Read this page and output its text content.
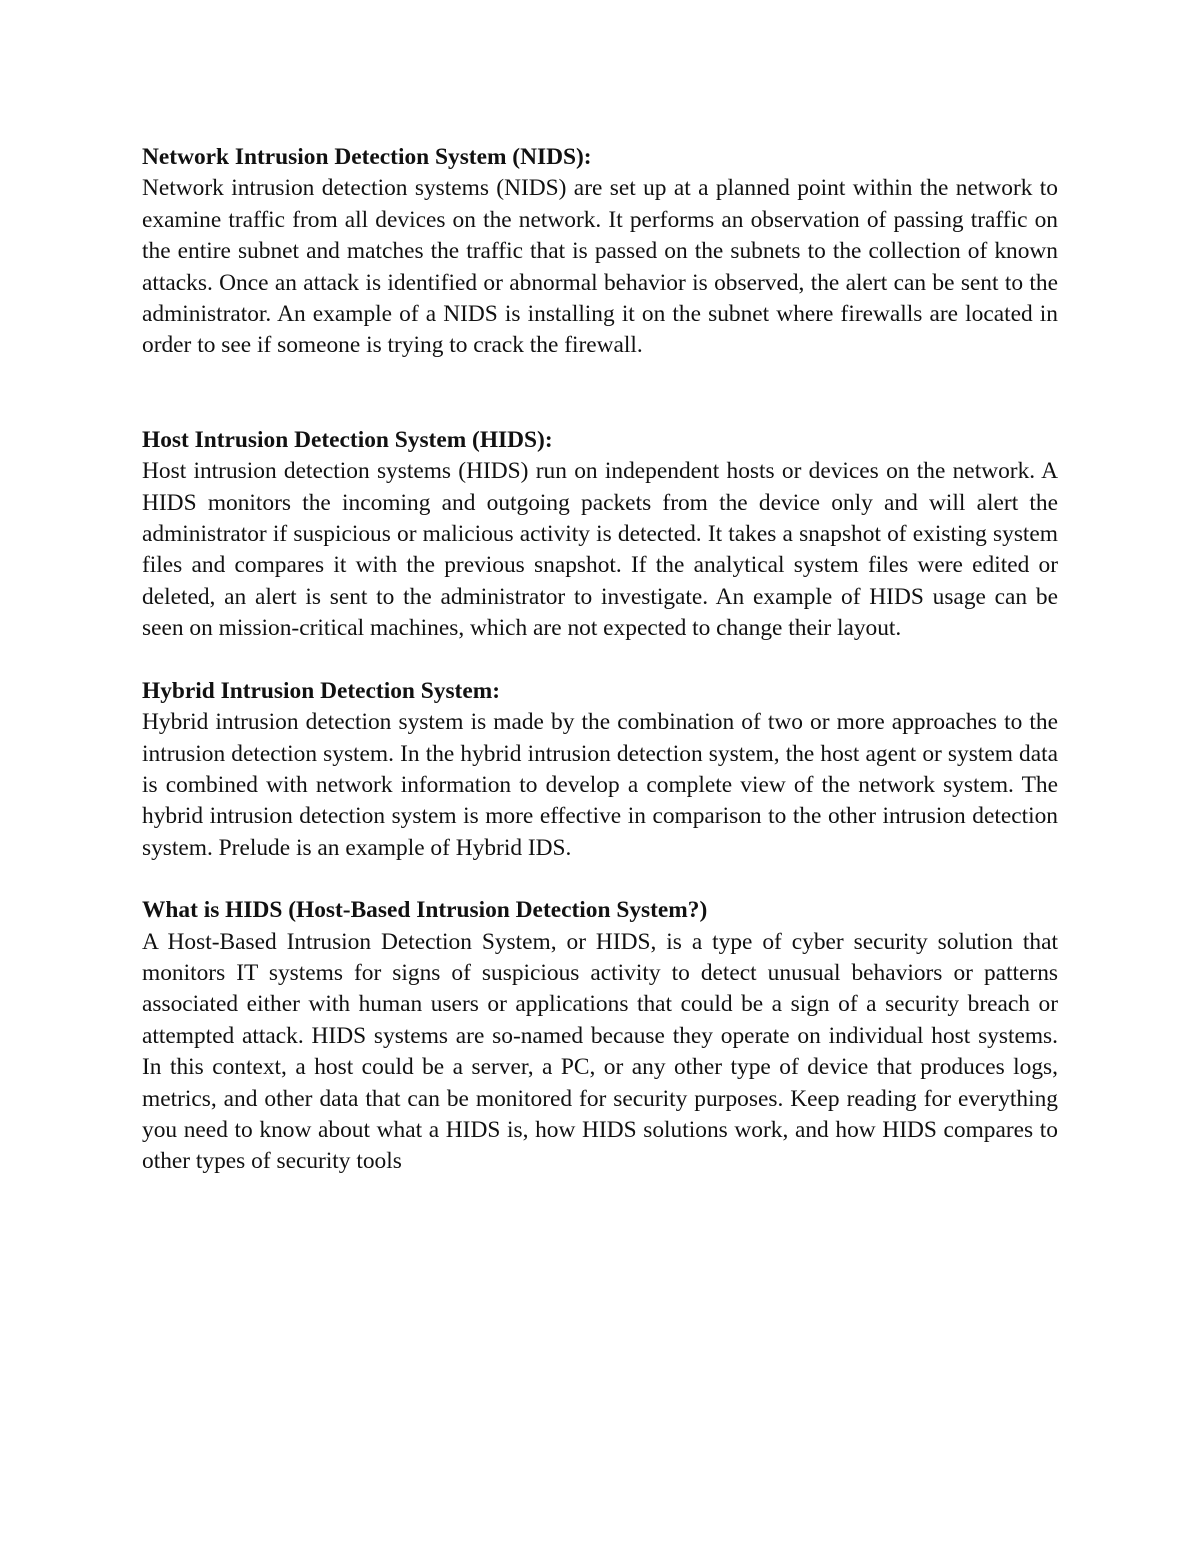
Network Intrusion Detection System (NIDS):

Network intrusion detection systems (NIDS) are set up at a planned point within the network to examine traffic from all devices on the network. It performs an observation of passing traffic on the entire subnet and matches the traffic that is passed on the subnets to the collection of known attacks. Once an attack is identified or abnormal behavior is observed, the alert can be sent to the administrator. An example of a NIDS is installing it on the subnet where firewalls are located in order to see if someone is trying to crack the firewall.

Host Intrusion Detection System (HIDS):

Host intrusion detection systems (HIDS) run on independent hosts or devices on the network. A HIDS monitors the incoming and outgoing packets from the device only and will alert the administrator if suspicious or malicious activity is detected. It takes a snapshot of existing system files and compares it with the previous snapshot. If the analytical system files were edited or deleted, an alert is sent to the administrator to investigate. An example of HIDS usage can be seen on mission-critical machines, which are not expected to change their layout.

Hybrid Intrusion Detection System:

Hybrid intrusion detection system is made by the combination of two or more approaches to the intrusion detection system. In the hybrid intrusion detection system, the host agent or system data is combined with network information to develop a complete view of the network system. The hybrid intrusion detection system is more effective in comparison to the other intrusion detection system. Prelude is an example of Hybrid IDS.

What is HIDS (Host-Based Intrusion Detection System?)

A Host-Based Intrusion Detection System, or HIDS, is a type of cyber security solution that monitors IT systems for signs of suspicious activity to detect unusual behaviors or patterns associated either with human users or applications that could be a sign of a security breach or attempted attack. HIDS systems are so-named because they operate on individual host systems. In this context, a host could be a server, a PC, or any other type of device that produces logs, metrics, and other data that can be monitored for security purposes. Keep reading for everything you need to know about what a HIDS is, how HIDS solutions work, and how HIDS compares to other types of security tools
